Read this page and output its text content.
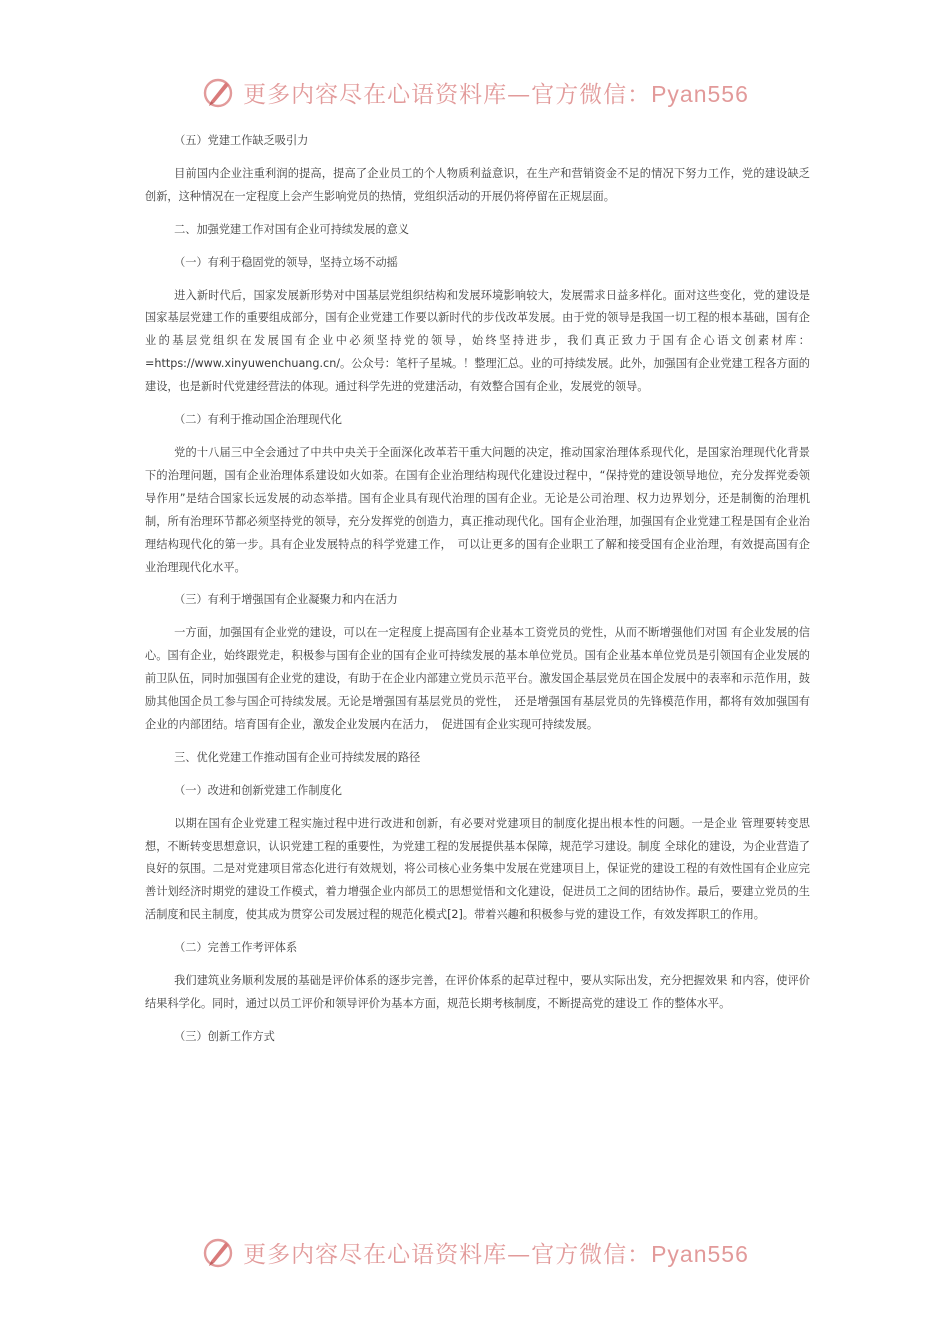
更多内容尽在心语资料库—官方微信：Pyan556

（五）党建工作缺乏吸引力

目前国内企业注重利润的提高，提高了企业员工的个人物质利益意识，在生产和营销资金不足的情况下努力工作，党的建设缺乏创新，这种情况在一定程度上会产生影响党员的热情，党组织活动的开展仍将停留在正规层面。

二、加强党建工作对国有企业可持续发展的意义

（一）有利于稳固党的领导，坚持立场不动摇

进入新时代后，国家发展新形势对中国基层党组织结构和发展环境影响较大，发展需求日益多样化。面对这些变化，党的建设是国家基层党建工作的重要组成部分，国有企业党建工作要以新时代的步伐改革发展。由于党的领导是我国一切工程的根本基础，国有企业的基层党组织在发展国有企业中必须坚持党的领导，始终坚持进步，我们真正致力于国有企心语文创素材库：=https://www.xinyuwenchuang.cn/。公众号：笔杆子星城。！整理汇总。业的可持续发展。此外，加强国有企业党建工程各方面的建设，也是新时代党建经营法的体现。通过科学先进的党建活动，有效整合国有企业，发展党的领导。

（二）有利于推动国企治理现代化

党的十八届三中全会通过了中共中央关于全面深化改革若干重大问题的决定，推动国家治理体系现代化，是国家治理现代化背景下的治理问题，国有企业治理体系建设如火如荼。在国有企业治理结构现代化建设过程中，“保持党的建设领导地位，充分发挥党委领导作用”是结合国家长远发展的动态举措。国有企业具有现代治理的国有企业。无论是公司治理、权力边界划分，还是制衡的治理机制，所有治理环节都必须坚持党的领导，充分发挥党的创造力，真正推动现代化。国有企业治理，加强国有企业党建工程是国有企业治理结构现代化的第一步。具有企业发展特点的科学党建工作，　可以让更多的国有企业职工了解和接受国有企业治理，有效提高国有企业治理现代化水平。

（三）有利于增强国有企业凝聚力和内在活力

一方面，加强国有企业党的建设，可以在一定程度上提高国有企业基本工资党员的党性，从而不断增强他们对国 有企业发展的信心。国有企业，始终跟党走，积极参与国有企业的国有企业可持续发展的基本单位党员。国有企业基本单位党员是引领国有企业发展的前卫队伍，同时加强国有企业党的建设，有助于在企业内部建立党员示范平台。激发国企基层党员在国企发展中的表率和示范作用，鼓励其他国企员工参与国企可持续发展。无论是增强国有基层党员的党性，　还是增强国有基层党员的先锋模范作用，都将有效加强国有企业的内部团结。培育国有企业，激发企业发展内在活力，　促进国有企业实现可持续发展。

三、优化党建工作推动国有企业可持续发展的路径

（一）改进和创新党建工作制度化

以期在国有企业党建工程实施过程中进行改进和创新，有必要对党建项目的制度化提出根本性的问题。一是企业 管理要转变思想，不断转变思想意识，认识党建工程的重要性，为党建工程的发展提供基本保障，规范学习建设。制度 全球化的建设，为企业营造了良好的氛围。二是对党建项目常态化进行有效规划，将公司核心业务集中发展在党建项目上，保证党的建设工程的有效性国有企业应完善计划经济时期党的建设工作模式，着力增强企业内部员工的思想觉悟和文化建设，促进员工之间的团结协作。最后，要建立党员的生活制度和民主制度，使其成为贯穿公司发展过程的规范化模式[2]。带着兴趣和积极参与党的建设工作，有效发挥职工的作用。

（二）完善工作考评体系

我们建筑业务顺利发展的基础是评价体系的逐步完善，在评价体系的起草过程中，要从实际出发，充分把握效果 和内容，使评价结果科学化。同时，通过以员工评价和领导评价为基本方面，规范长期考核制度，不断提高党的建设工 作的整体水平。

（三）创新工作方式

更多内容尽在心语资料库—官方微信：Pyan556
